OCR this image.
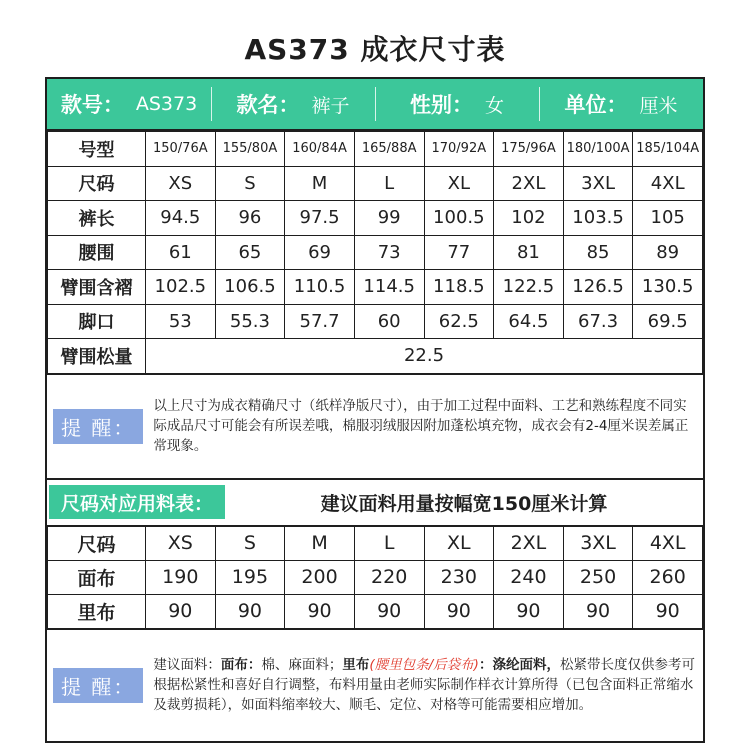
AS373 成衣尺寸表
款号： AS373 款名： 裤子	性别： 女	单位： 厘米
号型	150/76A	155/80A	160/84A	165/88A	170/92A	175/96A	180/100A	185/104A
尺码	XS	S	M	L	XL	2XL	3XL	4XL
裤长	94.5	96	97.5	99	100.5	102	103.5	105
腰围	61	65	69	73	77	81	85	89
臂围含褶	102.5	106.5	110.5	114.5	118.5	122.5	126.5	130.5
脚口	53	55.3	57.7	60	62.5	64.5	67.3	69.5
臂围松量	22.5							
提 醒：
以上尺寸为成衣精确尺寸（纸样净版尺寸），由于加工过程中面料、工艺和熟练程度不同实际成品尺寸可能会有所误差哦，棉服羽绒服因附加蓬松填充物，成衣会有2-4厘米误差属正常现象。
尺码对应用料表：	建议面料用量按幅宽150厘米计算
尺码	XS	S	M	L	XL	2XL	3XL	4XL
面布	190	195	200	220	230	240	250	260
里布	90	90	90	90	90	90	90	90
提 醒：
建议面料：面布：棉、麻面料；里布(腰里包条/后袋布)：涤纶面料，松紧带长度仅供参考可根据松紧性和喜好自行调整，布料用量由老师实际制作样衣计算所得（已包含面料正常缩水及裁剪损耗），如面料缩率较大、顺毛、定位、对格等可能需要相应增加。
